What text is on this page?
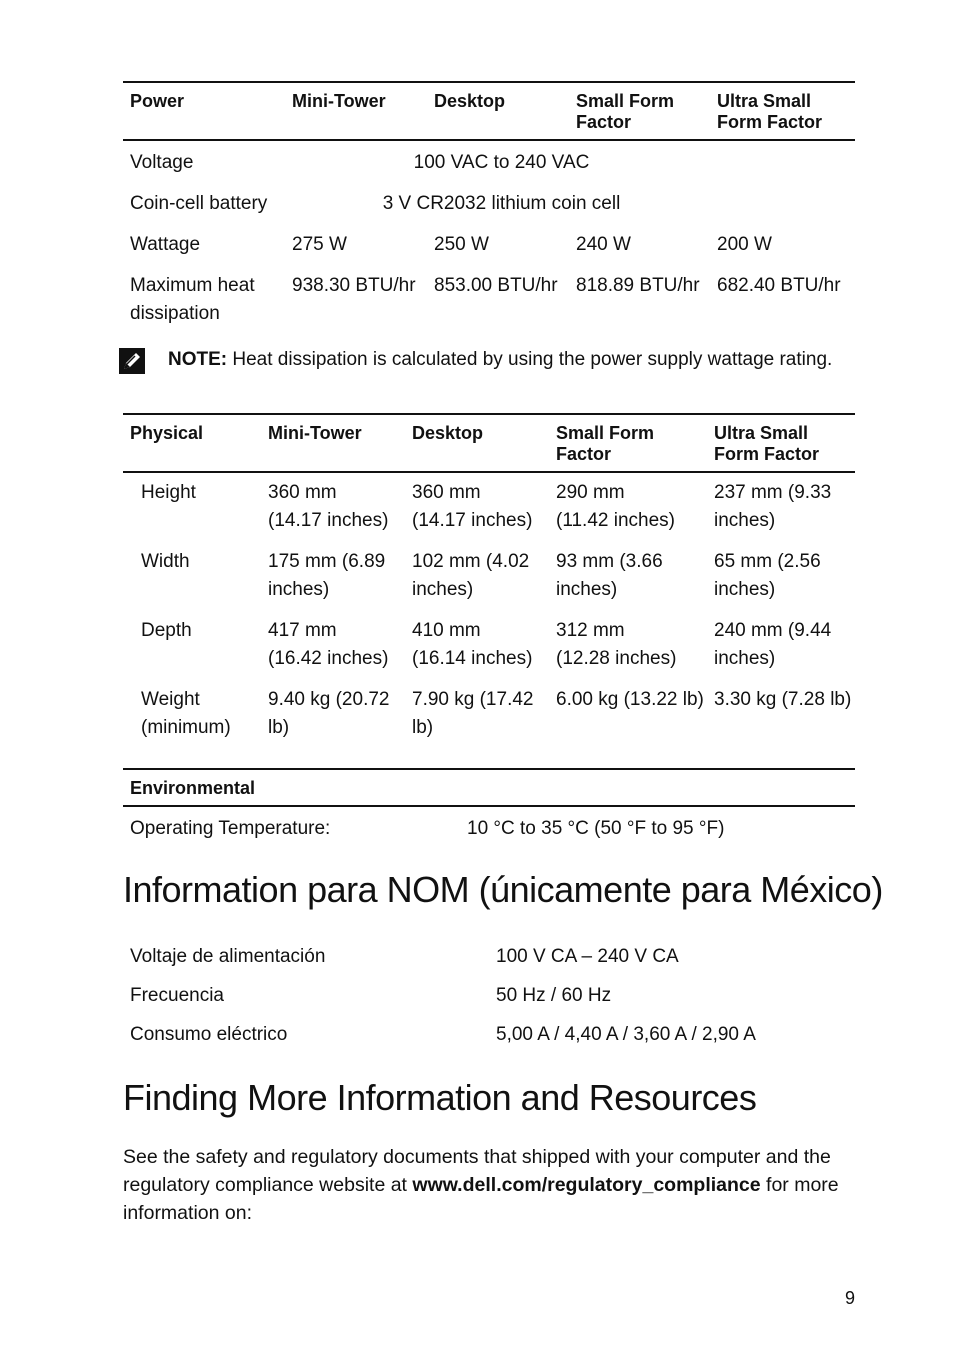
Power	Mini-Tower	Desktop	Small Form Factor	Ultra Small Form Factor
Voltage	100 VAC to 240 VAC			
Coin-cell battery	3 V CR2032 lithium coin cell			
Wattage	275 W	250 W	240 W	200 W
Maximum heat dissipation	938.30 BTU/hr	853.00 BTU/hr	818.89 BTU/hr	682.40 BTU/hr
NOTE: Heat dissipation is calculated by using the power supply wattage rating.
Physical	Mini-Tower	Desktop	Small Form Factor	Ultra Small Form Factor
Height	360 mm (14.17 inches)	360 mm (14.17 inches)	290 mm (11.42 inches)	237 mm (9.33 inches)
Width	175 mm (6.89 inches)	102 mm (4.02 inches)	93 mm (3.66 inches)	65 mm (2.56 inches)
Depth	417 mm (16.42 inches)	410 mm (16.14 inches)	312 mm (12.28 inches)	240 mm (9.44 inches)
Weight (minimum)	9.40 kg (20.72 lb)	7.90 kg (17.42 lb)	6.00 kg (13.22 lb)	3.30 kg (7.28 lb)
Environmental
Operating Temperature:	10 °C to 35 °C (50 °F to 95 °F)
Information para NOM (únicamente para México)
Voltaje de alimentación	100 V CA – 240 V CA
Frecuencia	50 Hz / 60 Hz
Consumo eléctrico	5,00 A / 4,40 A / 3,60 A / 2,90 A
Finding More Information and Resources

See the safety and regulatory documents that shipped with your computer and the regulatory compliance website at www.dell.com/regulatory_compliance for more information on:

9
